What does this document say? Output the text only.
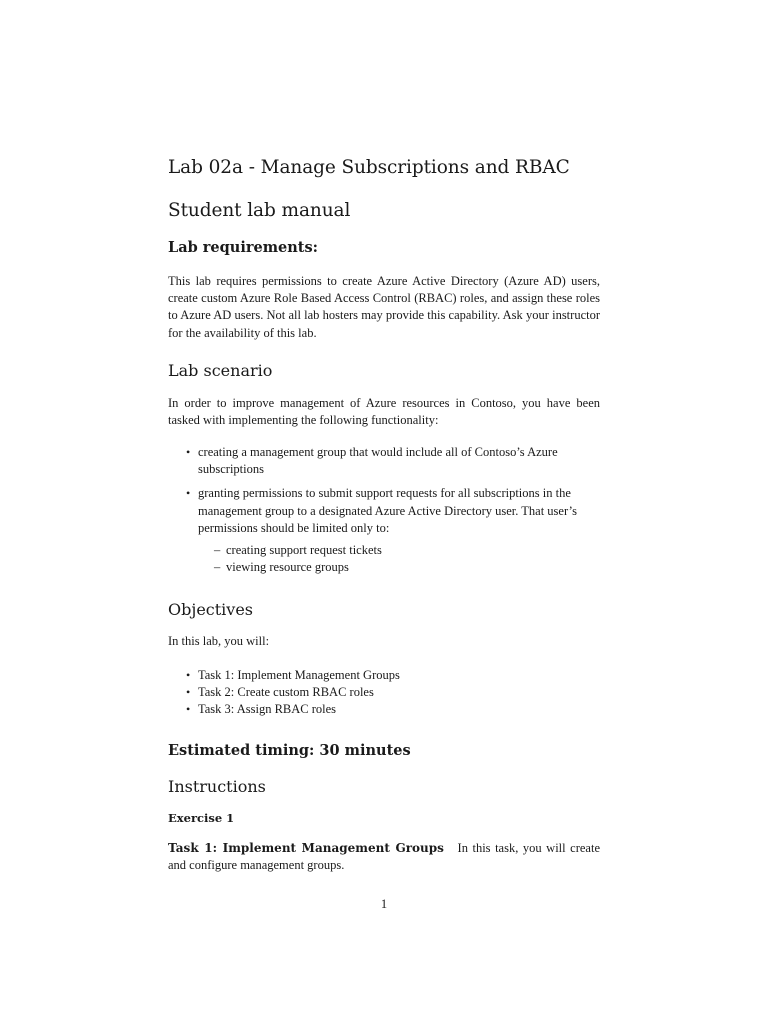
Lab 02a - Manage Subscriptions and RBAC
Student lab manual
Lab requirements:

This lab requires permissions to create Azure Active Directory (Azure AD) users, create custom Azure Role Based Access Control (RBAC) roles, and assign these roles to Azure AD users. Not all lab hosters may provide this capability. Ask your instructor for the availability of this lab.

Lab scenario

In order to improve management of Azure resources in Contoso, you have been tasked with implementing the following functionality:

• creating a management group that would include all of Contoso’s Azure subscriptions
• granting permissions to submit support requests for all subscriptions in the management group to a designated Azure Active Directory user. That user’s permissions should be limited only to:
– creating support request tickets
– viewing resource groups
Objectives

In this lab, you will:

• Task 1: Implement Management Groups
• Task 2: Create custom RBAC roles
• Task 3: Assign RBAC roles
Estimated timing: 30 minutes
Instructions
Exercise 1

Task 1: Implement Management Groups In this task, you will create and configure management groups.

1
